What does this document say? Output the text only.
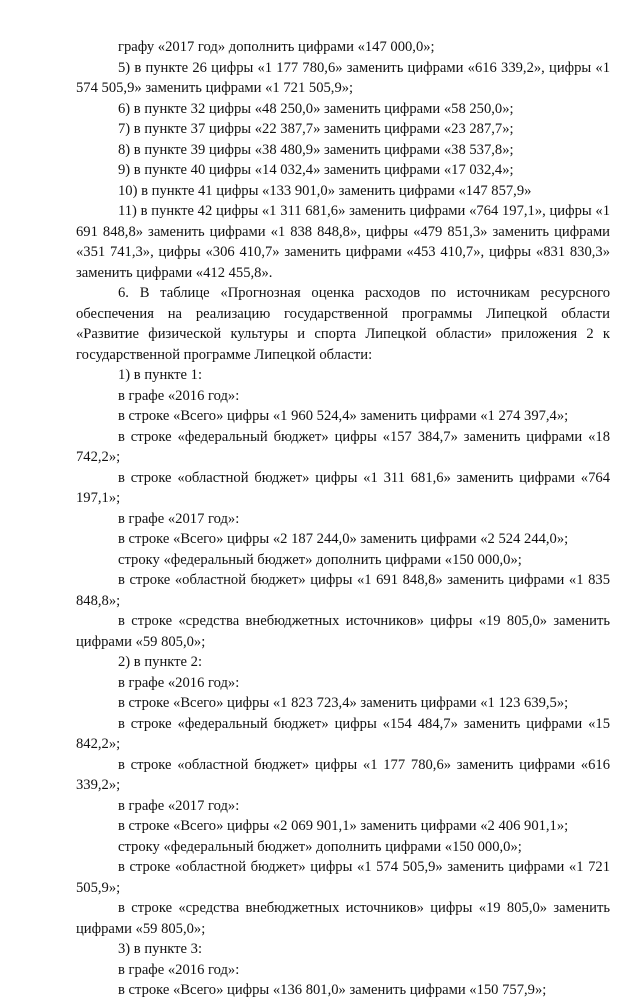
графу «2017 год» дополнить цифрами «147 000,0»;

5) в пункте 26 цифры «1 177 780,6» заменить цифрами «616 339,2», цифры «1 574 505,9» заменить цифрами «1 721 505,9»;

6) в пункте 32 цифры «48 250,0» заменить цифрами «58 250,0»;

7) в пункте 37 цифры «22 387,7» заменить цифрами «23 287,7»;

8) в пункте 39 цифры «38 480,9» заменить цифрами «38 537,8»;

9) в пункте 40 цифры «14 032,4» заменить цифрами «17 032,4»;

10) в пункте 41 цифры «133 901,0» заменить цифрами «147 857,9»

11) в пункте 42 цифры «1 311 681,6» заменить цифрами «764 197,1», цифры «1 691 848,8» заменить цифрами «1 838 848,8», цифры «479 851,3» заменить цифрами «351 741,3», цифры «306 410,7» заменить цифрами «453 410,7», цифры «831 830,3» заменить цифрами «412 455,8».

6. В таблице «Прогнозная оценка расходов по источникам ресурсного обеспечения на реализацию государственной программы Липецкой области «Развитие физической культуры и спорта Липецкой области» приложения 2 к государственной программе Липецкой области:

1) в пункте 1:

в графе «2016 год»:

в строке «Всего» цифры «1 960 524,4» заменить цифрами «1 274 397,4»;

в строке «федеральный бюджет» цифры «157 384,7» заменить цифрами «18 742,2»;

в строке «областной бюджет» цифры «1 311 681,6» заменить цифрами «764 197,1»;

в графе «2017 год»:

в строке «Всего» цифры «2 187 244,0» заменить цифрами «2 524 244,0»;

строку «федеральный бюджет» дополнить цифрами «150 000,0»;

в строке «областной бюджет» цифры «1 691 848,8» заменить цифрами «1 835 848,8»;

в строке «средства внебюджетных источников» цифры «19 805,0» заменить цифрами «59 805,0»;

2) в пункте 2:

в графе «2016 год»:

в строке «Всего» цифры «1 823 723,4» заменить цифрами «1 123 639,5»;

в строке «федеральный бюджет» цифры «154 484,7» заменить цифрами «15 842,2»;

в строке «областной бюджет» цифры «1 177 780,6» заменить цифрами «616 339,2»;

в графе «2017 год»:

в строке «Всего» цифры «2 069 901,1» заменить цифрами «2 406 901,1»;

строку «федеральный бюджет» дополнить цифрами «150 000,0»;

в строке «областной бюджет» цифры «1 574 505,9» заменить цифрами «1 721 505,9»;

в строке «средства внебюджетных источников» цифры «19 805,0» заменить цифрами «59 805,0»;

3) в пункте 3:

в графе «2016 год»:

в строке «Всего» цифры «136 801,0» заменить цифрами «150 757,9»;
